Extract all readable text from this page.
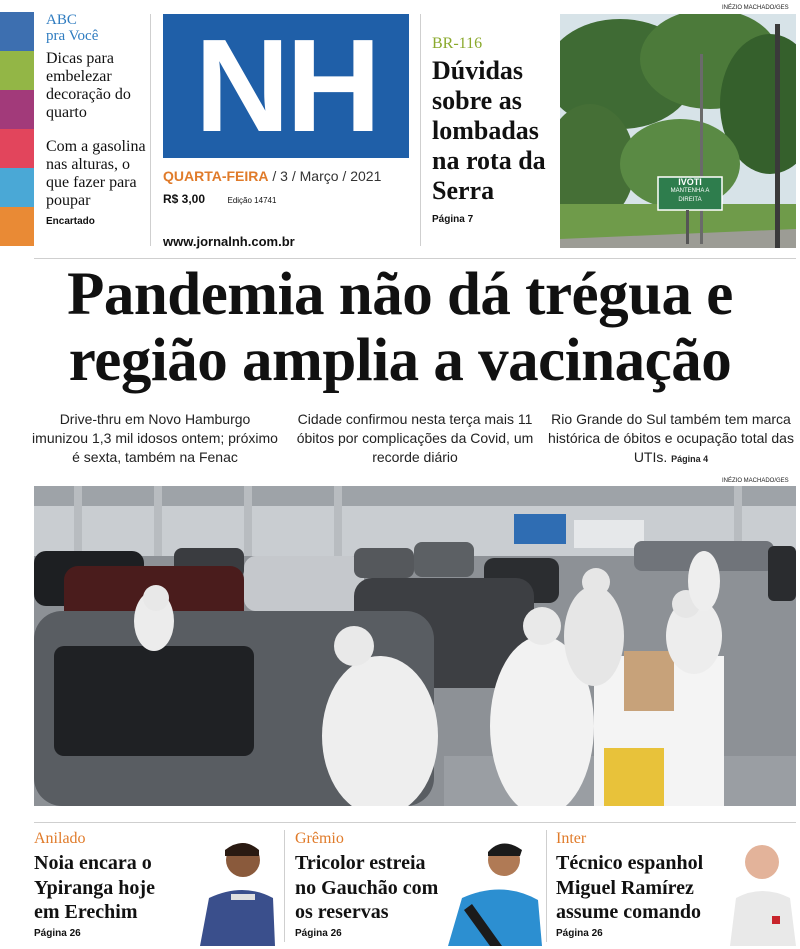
ABC
pra Você
Dicas para embelezar decoração do quarto
Com a gasolina nas alturas, o que fazer para poupar
Encartado
NH
QUARTA-FEIRA / 3 / Março / 2021
R$ 3,00	Edição 14741
www.jornalnh.com.br
BR-116
Dúvidas sobre as lombadas na rota da Serra
Página 7
INÉZIO MACHADO/GES
IVOTI
MANTENHA A
DIREITA
Pandemia não dá trégua e
região amplia a vacinação
Drive-thru em Novo Hamburgo imunizou 1,3 mil idosos ontem; próximo é sexta, também na Fenac
Cidade confirmou nesta terça mais 11 óbitos por complicações da Covid, um recorde diário
Rio Grande do Sul também tem marca histórica de óbitos e ocupação total das UTIs. Página 4
INÉZIO MACHADO/GES
Anilado
Noia encara o
Ypiranga hoje
em Erechim
Página 26
Grêmio
Tricolor estreia
no Gauchão com
os reservas
Página 26
Inter
Técnico espanhol
Miguel Ramírez
assume comando
Página 26
